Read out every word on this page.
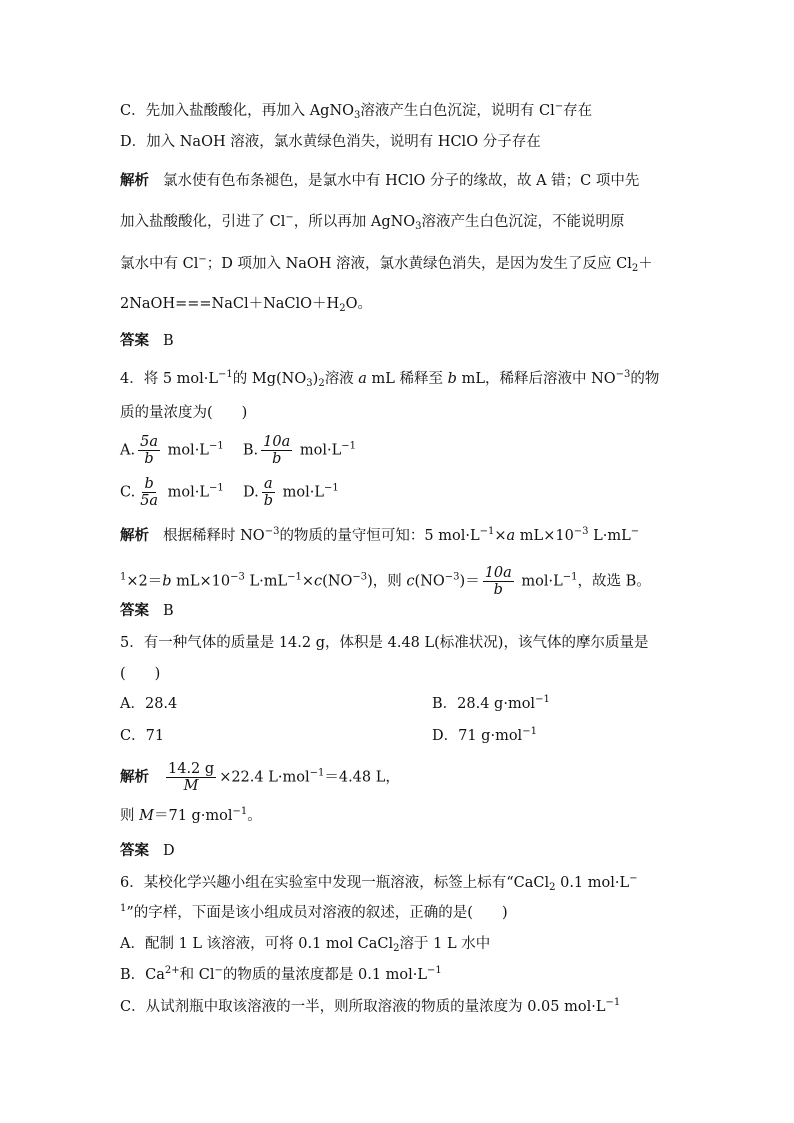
C．先加入盐酸酸化，再加入 AgNO$_3$溶液产生白色沉淀，说明有 Cl−存在
D．加入 NaOH 溶液，氯水黄绿色消失，说明有 HClO 分子存在
解析 氯水使有色布条褪色，是氯水中有 HClO 分子的缘故，故 A 错；C 项中先
加入盐酸酸化，引进了 Cl−，所以再加 AgNO$_3$溶液产生白色沉淀，不能说明原
氯水中有 Cl−；D 项加入 NaOH 溶液，氯水黄绿色消失，是因为发生了反应 $Cl_2+$
$2NaOH===NaCl+NaClO+H_2O$。
答案 B
4．将 5 $mol\cdot L^{-1}$的 $Mg(NO_3)_2$溶液 a mL 稀释至 b mL，稀释后溶液中 $NO^{-3}$的物
质的量浓度为(　　)
A. $\frac{5a}{b} mol\cdot L^{-1}$ B. $\frac{10a}{b} mol\cdot L^{-1}$
C. $\frac{b}{5a} mol\cdot L^{-1}$ D. $\frac{a}{b} mol\cdot L^{-1}$
解析 根据稀释时 $NO^{-3}$的物质的量守恒可知：5 $mol\cdot L^{-1}\times a$ $mL\times 10^{-3}$ L·mL−
$^1$×2＝b $mL\times 10^{-3}$ $L\cdot mL^{-1}\times c(NO^{-3})$，则 $c(NO^{-3})= \frac{10a}{b} mol\cdot L^{-1}$，故选 B。
答案 B
5．有一种气体的质量是 14.2 g，体积是 4.48 L(标准状况)，该气体的摩尔质量是
(　　)
A．28.4	B．28.4 g·mol$^{-1}$
C．71	D．71 g·mol$^{-1}$
解析 $\frac{14.2 g}{M} \times 22.4$ L·mol$^{-1}$＝4.48 L，
则 M＝71 g·mol$^{-1}$。
答案 D
6．某校化学兴趣小组在实验室中发现一瓶溶液，标签上标有“CaCl$_2$ 0.1 mol·L−
$^1$”的字样，下面是该小组成员对溶液的叙述，正确的是(　　)
A．配制 1 L 该溶液，可将 0.1 mol CaCl$_2$溶于 1 L 水中
B．$Ca^{2+}$和 Cl−的物质的量浓度都是 0.1 $mol\cdot L^{-1}$
C．从试剂瓶中取该溶液的一半，则所取溶液的物质的量浓度为 0.05 $mol\cdot L^{-1}$
